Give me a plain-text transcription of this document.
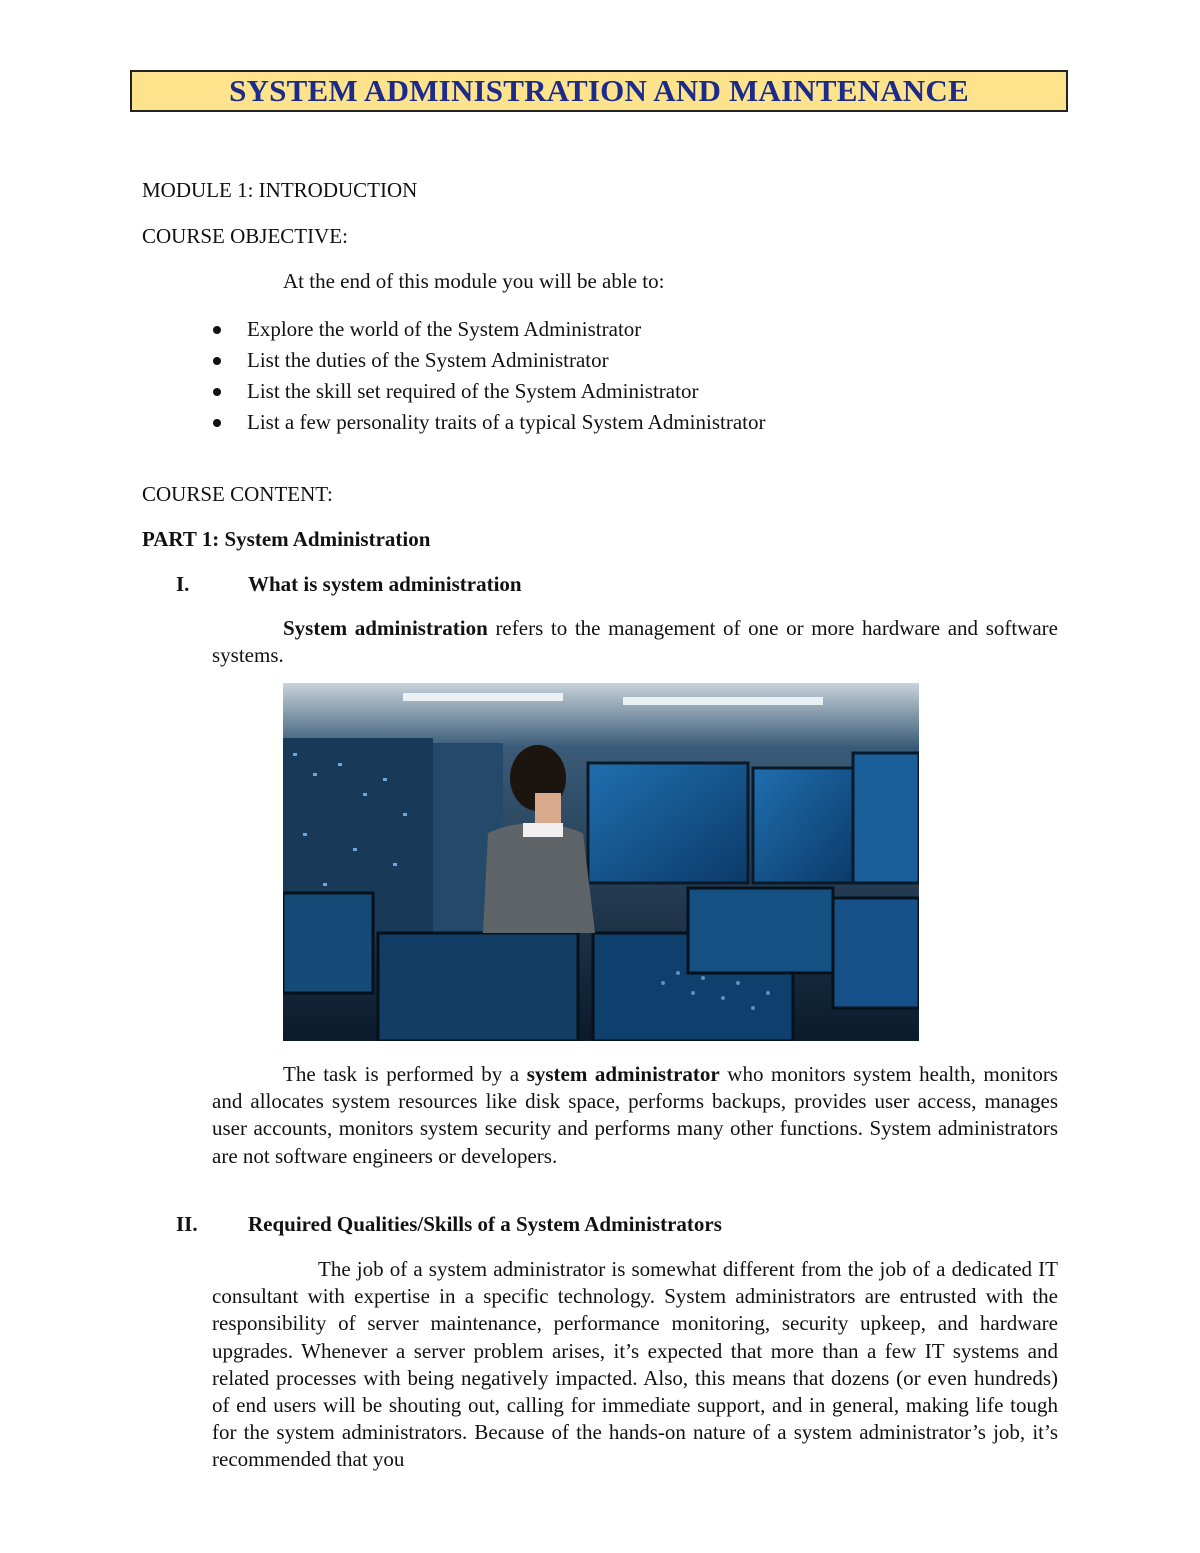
SYSTEM ADMINISTRATION AND MAINTENANCE
MODULE 1: INTRODUCTION
COURSE OBJECTIVE:
At the end of this module you will be able to:
Explore the world of the System Administrator
List the duties of the System Administrator
List the skill set required of the System Administrator
List a few personality traits of a typical System Administrator
COURSE CONTENT:
PART 1: System Administration
I.	What is system administration

System administration refers to the management of one or more hardware and software systems.

The task is performed by a system administrator who monitors system health, monitors and allocates system resources like disk space, performs backups, provides user access, manages user accounts, monitors system security and performs many other functions. System administrators are not software engineers or developers.

II. Required Qualities/Skills of a System Administrators

The job of a system administrator is somewhat different from the job of a dedicated IT consultant with expertise in a specific technology. System administrators are entrusted with the responsibility of server maintenance, performance monitoring, security upkeep, and hardware upgrades. Whenever a server problem arises, it’s expected that more than a few IT systems and related processes with being negatively impacted. Also, this means that dozens (or even hundreds) of end users will be shouting out, calling for immediate support, and in general, making life tough for the system administrators. Because of the hands-on nature of a system administrator’s job, it’s recommended that you
